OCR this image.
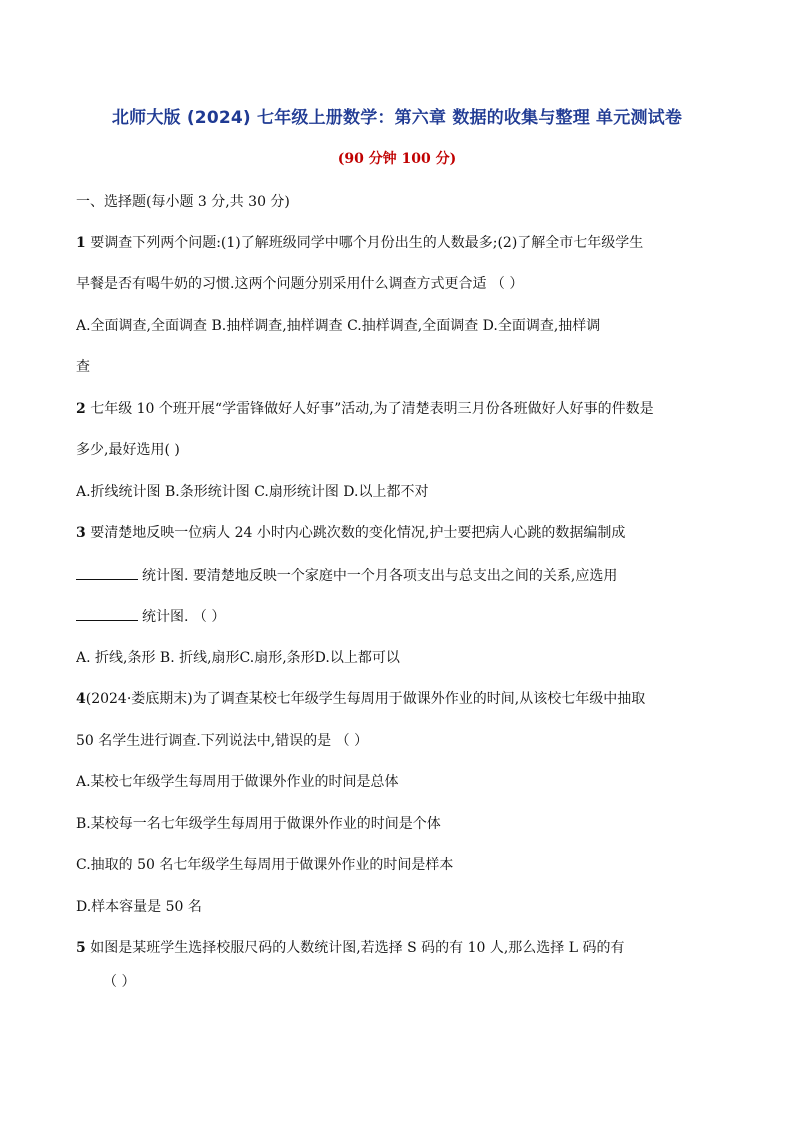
北师大版 (2024) 七年级上册数学：第六章 数据的收集与整理 单元测试卷
(90 分钟 100 分)
一、选择题(每小题 3 分,共 30 分)
1 要调查下列两个问题:(1)了解班级同学中哪个月份出生的人数最多;(2)了解全市七年级学生
早餐是否有喝牛奶的习惯.这两个问题分别采用什么调查方式更合适 （ ）
A.全面调查,全面调查 B.抽样调查,抽样调查 C.抽样调查,全面调查 D.全面调查,抽样调
查
2 七年级 10 个班开展“学雷锋做好人好事”活动,为了清楚表明三月份各班做好人好事的件数是
多少,最好选用( )
A.折线统计图 B.条形统计图 C.扇形统计图 D.以上都不对
3 要清楚地反映一位病人 24 小时内心跳次数的变化情况,护士要把病人心跳的数据编制成
统计图. 要清楚地反映一个家庭中一个月各项支出与总支出之间的关系,应选用
统计图. （ ）
A. 折线,条形 B. 折线,扇形C.扇形,条形D.以上都可以
4(2024·娄底期末)为了调查某校七年级学生每周用于做课外作业的时间,从该校七年级中抽取
50 名学生进行调查.下列说法中,错误的是 （ ）
A.某校七年级学生每周用于做课外作业的时间是总体
B.某校每一名七年级学生每周用于做课外作业的时间是个体
C.抽取的 50 名七年级学生每周用于做课外作业的时间是样本
D.样本容量是 50 名
5 如图是某班学生选择校服尺码的人数统计图,若选择 S 码的有 10 人,那么选择 L 码的有
（ ）
